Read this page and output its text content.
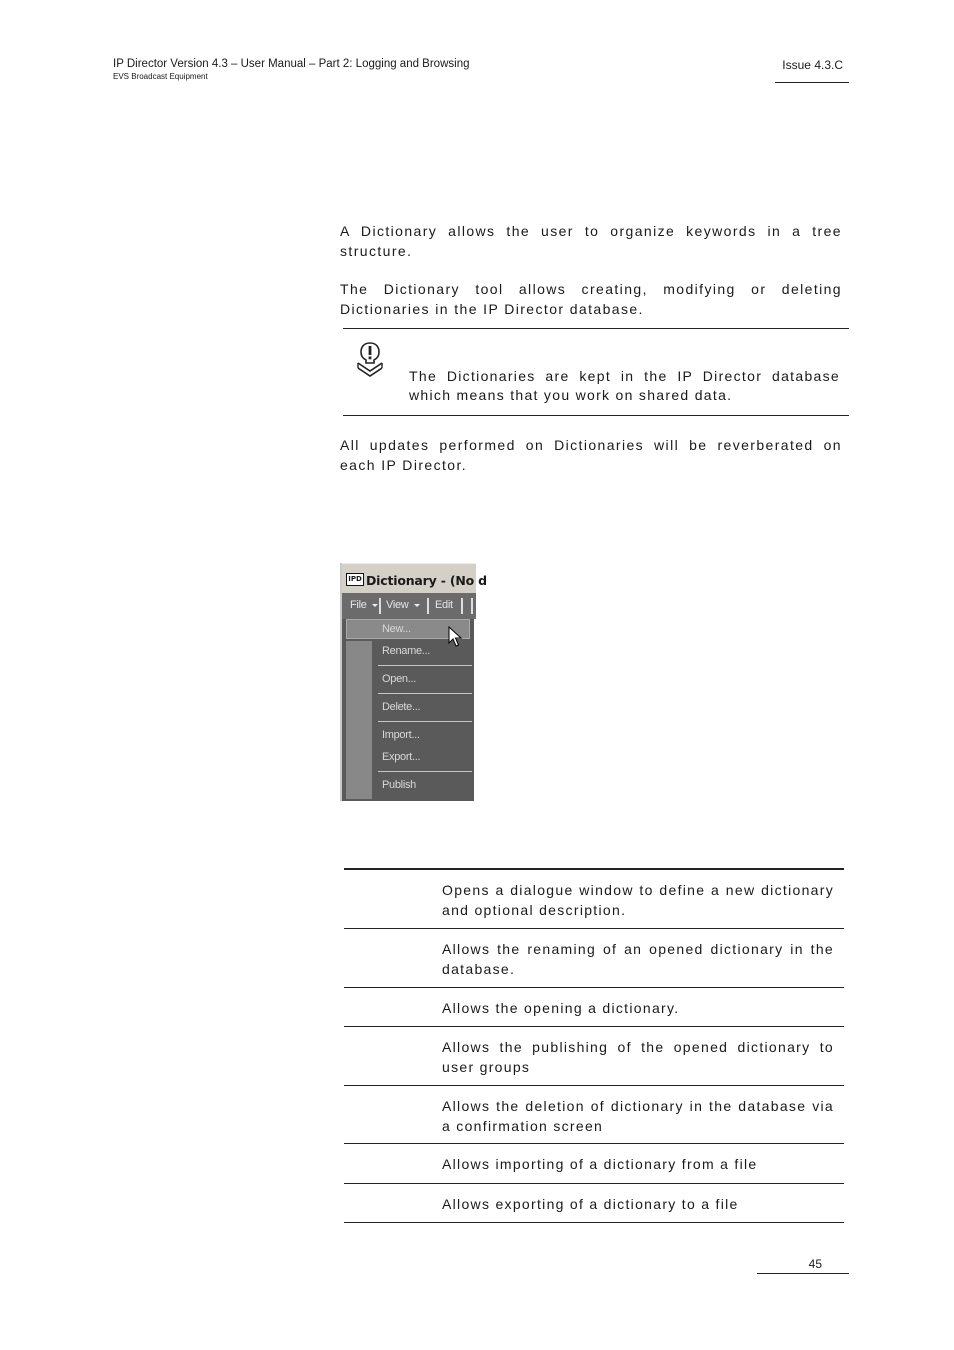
IP Director Version 4.3 – User Manual – Part 2: Logging and Browsing
EVS Broadcast Equipment
Issue 4.3.C

A Dictionary allows the user to organize keywords in a tree structure.

The Dictionary tool allows creating, modifying or deleting Dictionaries in the IP Director database.

The Dictionaries are kept in the IP Director database which means that you work on shared data.

All updates performed on Dictionaries will be reverberated on each IP Director.

IPD Dictionary - (No d
File View Edit
New...
Rename...
Open...
Delete...
Import...
Export...
Publish
Opens a dialogue window to define a new dictionary and optional description.
Allows the renaming of an opened dictionary in the database.
Allows the opening a dictionary.
Allows the publishing of the opened dictionary to user groups
Allows the deletion of dictionary in the database via a confirmation screen
Allows importing of a dictionary from a file
Allows exporting of a dictionary to a file
45
